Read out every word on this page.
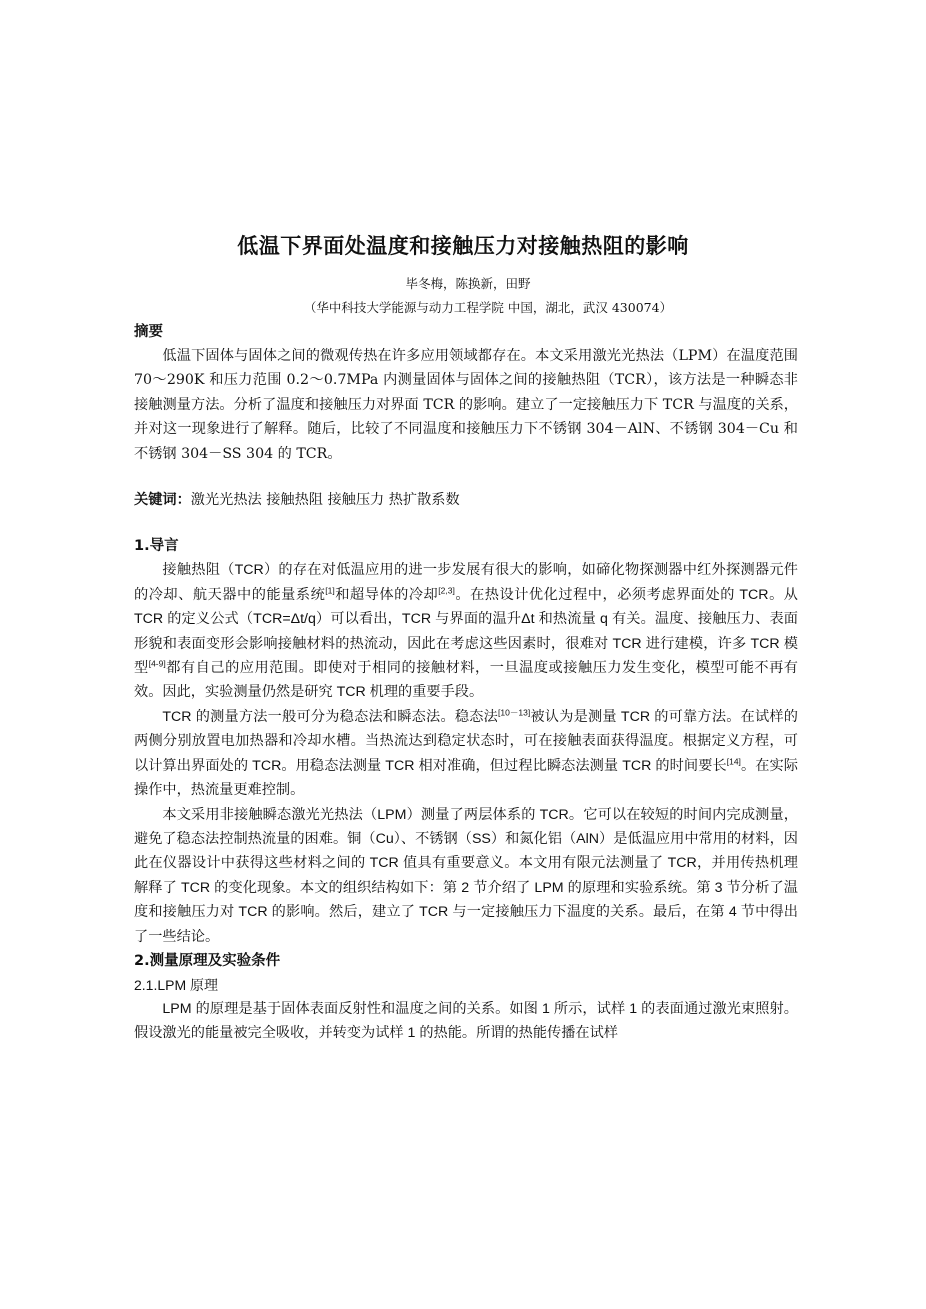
低温下界面处温度和接触压力对接触热阻的影响
毕冬梅，陈换新，田野
（华中科技大学能源与动力工程学院 中国，湖北，武汉 430074）

摘要

低温下固体与固体之间的微观传热在许多应用领域都存在。本文采用激光光热法（LPM）在温度范围 70～290K 和压力范围 0.2～0.7MPa 内测量固体与固体之间的接触热阻（TCR），该方法是一种瞬态非接触测量方法。分析了温度和接触压力对界面 TCR 的影响。建立了一定接触压力下 TCR 与温度的关系，并对这一现象进行了解释。随后，比较了不同温度和接触压力下不锈钢 304－AlN、不锈钢 304－Cu 和不锈钢 304－SS 304 的 TCR。

关键词：激光光热法 接触热阻 接触压力 热扩散系数

1.导言

接触热阻（TCR）的存在对低温应用的进一步发展有很大的影响，如碲化物探测器中红外探测器元件的冷却、航天器中的能量系统[1]和超导体的冷却[2,3]。在热设计优化过程中，必须考虑界面处的 TCR。从 TCR 的定义公式（TCR=Δt/q）可以看出，TCR 与界面的温升Δt 和热流量 q 有关。温度、接触压力、表面形貌和表面变形会影响接触材料的热流动，因此在考虑这些因素时，很难对 TCR 进行建模，许多 TCR 模型[4-9]都有自己的应用范围。即使对于相同的接触材料，一旦温度或接触压力发生变化，模型可能不再有效。因此，实验测量仍然是研究 TCR 机理的重要手段。

TCR 的测量方法一般可分为稳态法和瞬态法。稳态法[10－13]被认为是测量 TCR 的可靠方法。在试样的两侧分别放置电加热器和冷却水槽。当热流达到稳定状态时，可在接触表面获得温度。根据定义方程，可以计算出界面处的 TCR。用稳态法测量 TCR 相对准确，但过程比瞬态法测量 TCR 的时间要长[14]。在实际操作中，热流量更难控制。

本文采用非接触瞬态激光光热法（LPM）测量了两层体系的 TCR。它可以在较短的时间内完成测量，避免了稳态法控制热流量的困难。铜（Cu）、不锈钢（SS）和氮化铝（AlN）是低温应用中常用的材料，因此在仪器设计中获得这些材料之间的 TCR 值具有重要意义。本文用有限元法测量了 TCR，并用传热机理解释了 TCR 的变化现象。本文的组织结构如下：第 2 节介绍了 LPM 的原理和实验系统。第 3 节分析了温度和接触压力对 TCR 的影响。然后，建立了 TCR 与一定接触压力下温度的关系。最后，在第 4 节中得出了一些结论。

2.测量原理及实验条件

2.1.LPM 原理

LPM 的原理是基于固体表面反射性和温度之间的关系。如图 1 所示，试样 1 的表面通过激光束照射。假设激光的能量被完全吸收，并转变为试样 1 的热能。所谓的热能传播在试样
